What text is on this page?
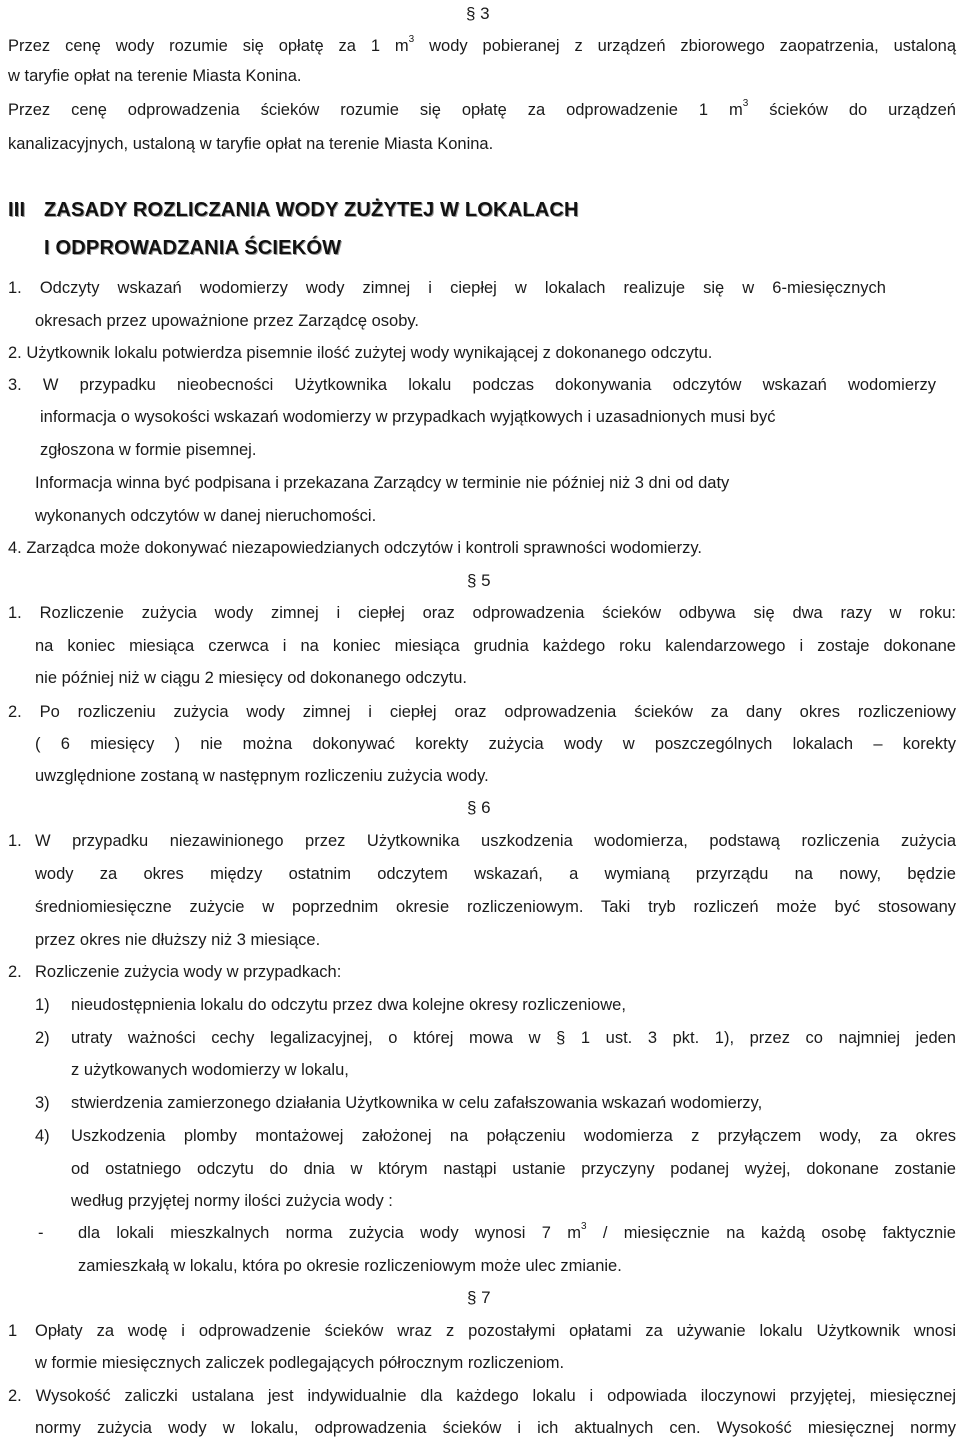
§ 3
Przez cenę wody rozumie się opłatę za 1 $m^3$ wody pobieranej z urządzeń zbiorowego zaopatrzenia, ustaloną
w taryfie opłat na terenie Miasta Konina.
Przez cenę odprowadzenia ścieków rozumie się opłatę za odprowadzenie 1 $m^3$ ścieków do urządzeń
kanalizacyjnych, ustaloną w taryfie opłat na terenie Miasta Konina.
III ZASADY ROZLICZANIA WODY ZUŻYTEJ W LOKALACH
I ODPROWADZANIA ŚCIEKÓW
1. Odczyty wskazań wodomierzy wody zimnej i ciepłej w lokalach realizuje się w 6-miesięcznych
okresach przez upoważnione przez Zarządcę osoby.
2. Użytkownik lokalu potwierdza pisemnie ilość zużytej wody wynikającej z dokonanego odczytu.
3. W przypadku nieobecności Użytkownika lokalu podczas dokonywania odczytów wskazań wodomierzy
informacja o wysokości wskazań wodomierzy w przypadkach wyjątkowych i uzasadnionych musi być
zgłoszona w formie pisemnej.
Informacja winna być podpisana i przekazana Zarządcy w terminie nie później niż 3 dni od daty
wykonanych odczytów w danej nieruchomości.
4. Zarządca może dokonywać niezapowiedzianych odczytów i kontroli sprawności wodomierzy.
§ 5
1. Rozliczenie zużycia wody zimnej i ciepłej oraz odprowadzenia ścieków odbywa się dwa razy w roku:
na koniec miesiąca czerwca i na koniec miesiąca grudnia każdego roku kalendarzowego i zostaje dokonane
nie później niż w ciągu 2 miesięcy od dokonanego odczytu.
2. Po rozliczeniu zużycia wody zimnej i ciepłej oraz odprowadzenia ścieków za dany okres rozliczeniowy
( 6 miesięcy ) nie można dokonywać korekty zużycia wody w poszczególnych lokalach – korekty
uwzględnione zostaną w następnym rozliczeniu zużycia wody.
§ 6
1. W przypadku niezawinionego przez Użytkownika uszkodzenia wodomierza, podstawą rozliczenia zużycia
wody za okres między ostatnim odczytem wskazań, a wymianą przyrządu na nowy, będzie
średniomiesięczne zużycie w poprzednim okresie rozliczeniowym. Taki tryb rozliczeń może być stosowany
przez okres nie dłuższy niż 3 miesiące.
2. Rozliczenie zużycia wody w przypadkach:
1) nieudostępnienia lokalu do odczytu przez dwa kolejne okresy rozliczeniowe,
2) utraty ważności cechy legalizacyjnej, o której mowa w § 1 ust. 3 pkt. 1), przez co najmniej jeden
z użytkowanych wodomierzy w lokalu,
3) stwierdzenia zamierzonego działania Użytkownika w celu zafałszowania wskazań wodomierzy,
4) Uszkodzenia plomby montażowej założonej na połączeniu wodomierza z przyłączem wody, za okres
od ostatniego odczytu do dnia w którym nastąpi ustanie przyczyny podanej wyżej, dokonane zostanie
według przyjętej normy ilości zużycia wody :
- dla lokali mieszkalnych norma zużycia wody wynosi 7 $m^3$ / miesięcznie na każdą osobę faktycznie
zamieszkałą w lokalu, która po okresie rozliczeniowym może ulec zmianie.
§ 7
1 Opłaty za wodę i odprowadzenie ścieków wraz z pozostałymi opłatami za używanie lokalu Użytkownik wnosi
w formie miesięcznych zaliczek podlegających półrocznym rozliczeniom.
2. Wysokość zaliczki ustalana jest indywidualnie dla każdego lokalu i odpowiada iloczynowi przyjętej, miesięcznej
normy zużycia wody w lokalu, odprowadzenia ścieków i ich aktualnych cen. Wysokość miesięcznej normy
